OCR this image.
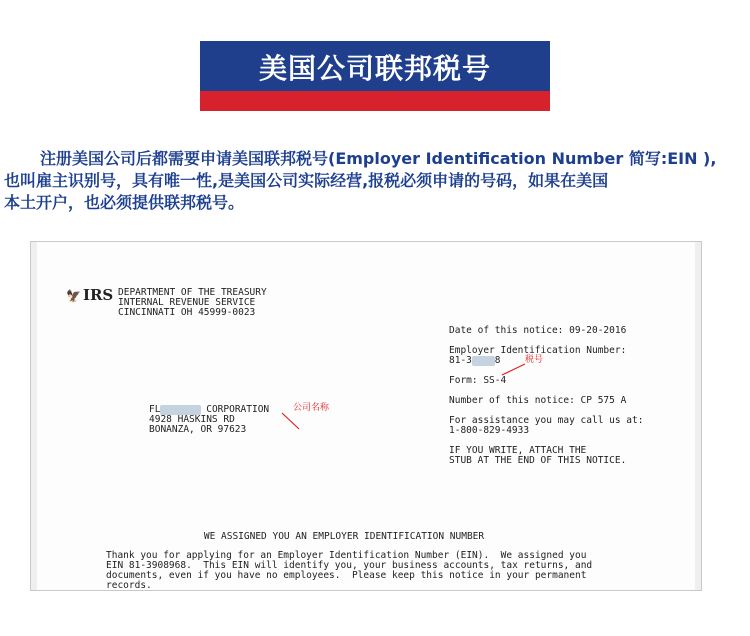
美国公司联邦税号
注册美国公司后都需要申请美国联邦税号(Employer Identification Number 简写:EIN ),
也叫雇主识别号，具有唯一性,是美国公司实际经营,报税必须申请的号码，如果在美国
本土开户，也必须提供联邦税号。
🦅 IRS DEPARTMENT OF THE TREASURY
INTERNAL REVENUE SERVICE
CINCINNATI OH 45999-0023
Date of this notice: 09-20-2016
Employer Identification Number:
81-3 8
Form: SS-4
Number of this notice: CP 575 A
For assistance you may call us at:
1-800-829-4933
IF YOU WRITE, ATTACH THE
STUB AT THE END OF THIS NOTICE.
税号
FL	CORPORATION
4928 HASKINS RD
BONANZA, OR 97623
公司名称
WE ASSIGNED YOU AN EMPLOYER IDENTIFICATION NUMBER
Thank you for applying for an Employer Identification Number (EIN).  We assigned you
EIN 81-3908968.  This EIN will identify you, your business accounts, tax returns, and
documents, even if you have no employees.  Please keep this notice in your permanent
records.
